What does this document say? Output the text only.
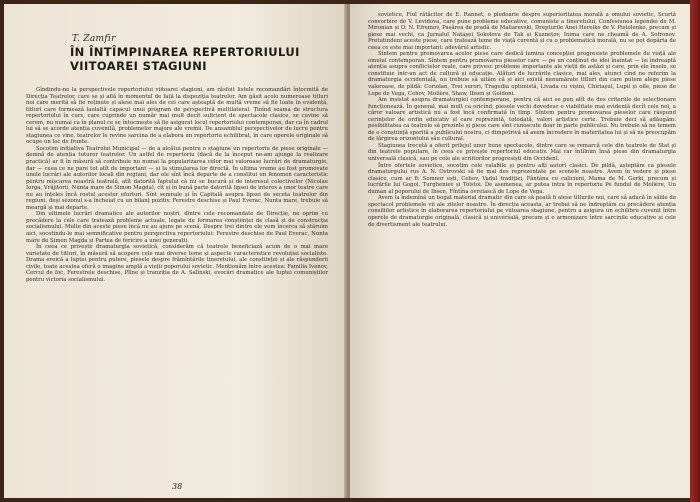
T. Zamfir
ÎN ÎNTÎMPINAREA REPERTORIULUI
VIITOAREI STAGIUNI

Gîndindu-ne la perspectivele repertoriului viitoarei stagiuni, am răsfoit listele recomandări întocmită de Direcția Teatrelor, care se și află în momentul de față la dispoziția teatrelor. Am găsit acolo numeroase titluri noi care merită să fie reținute și alese mai ales de cei care așteaptă de multă vreme să fie luate în evidență, titluri care formează laolaltă capacul unui program de perspectivă multilateral. Ținînd seama de structura repertoriului în curs, care cuprinde un număr mai mult decît suficient de spectacole clasice, se cuvine să cerem, nu numai ca în planul ce se întocmește să fie asigurat locul repertoriului contemporan, dar ca în cadrul lui să se acorde atenția cuvenită, problemelor majore ale vremii. De ansamblul perspectivelor de lucru pentru stagiunea ce vine, teatrelor le revine sarcina de a elabora un repertoriu echilibrat, în care operele originale să ocupe un loc de frunte.

Socotim inițiativa Teatrului Municipal — de a alcătui pentru o stagiune un repertoriu de piese originale — demnă de atenția tuturor teatrelor. Un astfel de repertoriu (dacă de la început ne-am ajunge la realizare practică) ar fi în măsură să contribuie nu numai la popularizarea celor mai valoroase lucrări de dramaturgie, dar — ceea ce ne pare tot atît de important — și la stimularea lor directă. În ultima vreme au fost promovate unele lucrări ale autorilor locali din regiuni, dar ele sînt încă departe de a constitui un fenomen caracteristic pentru mișcarea noastră teatrală, atît datorită faptului că nu se bucură și de interesul colectivelor (Nicolae Iorga, Vrăjitorii, Nunta mare de Simon Magda), cît și în bună parte datorită lipsei de interes a unor teatre care nu au înțeles încă rostul acestor eforturi. Sînt semnale și în Capitală asupra lipsei de seceta teatrelor din regiuni, deși sezonul s-a încheiat cu un bilanț pozitiv. Ferestre deschise și Paul Everac, Nunta mare, trebuie să meargă și mai departe.

Din ultimele lucrări dramatice ale autorilor noștri, dintre cele recomandate de Direcție, ne oprim cu precădere la cele care tratează probleme actuale, legate de formarea conștiinței de clasă și de construcția socialismului. Multe din aceste piese încă nu au ajuns pe scenă. Despre trei dintre ele vom încerca să stăruim aici, socotindu-le mai semnificative pentru perspectiva repertoriului: Ferestre deschise de Paul Everac, Nunta mare de Simon Magda și Partea de fericire a unei generații.

În ceea ce privește dramaturgia sovietică, considerăm că teatrele beneficiază acum de o mai mare varietate de titluri, în măsură să acopere cele mai diverse teme și aspecte caracteristice revoluției socialiste. Drama eroică a luptei pentru putere, piesele despre frămîntările tineretului, ale conștiinței și ale răspunderii civile, toate acestea oferă o imagine amplă a vieții poporului sovietic. Menționăm între acestea: Familia Ivanov, Cercul de foc, Ferestrele deschise, Pline și tranziția de A. Salînski, evocări dramatice ale luptei comuniștilor pentru victoria socialismului.

38

sovietice, Fiul rătăcitor de E. Rannet, o pledoarie despre superioritatea morală a omului sovietic, Scurtă convorbire de V. Levidova, care pune probleme educative, comuniste a tineretului, Confesiunea legendei de M. Mironian și O. N. Efremov, Pasărea de pradă de Maliarevski, Drepturile Anei Hereike de V. Pistolenko, precum și piese mai vechi, ca Jurnalul Natașei Sokolova de Tak și Kuznețov, Inima care ne cheamă de A. Sofronov. Pretutindeni aceste piese, care tratează teme de viață curentă și cu o problematică morală, nu se pot depărta de ceea ce este mai important: adevărul artistic.

Sîntem pentru promovarea acelor piese care dedică lumina concepției progresiste problemele de viață ale omului contemporan. Sîntem pentru promovarea pieselor care — pe un conținut de idei înaintat — își îndreaptă atenția asupra conflictelor reale, care privesc probleme importante ale vieții de astăzi și care, prin ele însele, se constituie într-un act de cultură și educație. Alături de lucrările clasice, mai ales, atunci cînd ne referim la dramaturgia occidentală, nu trebuie să uităm că și aici există nenumărate titluri din care putem alege piese valoroase, de pildă: Coriolan, Trei surori, Tragedia optimistă, Livada cu vișini, Chiriașul, Lupii și oile, piese de Lope de Vega, Cehov, Molière, Shaw, Ibsen și Goldoni.

Am insistat asupra dramaturgiei contemporane, pentru că aici se pun atît de des criteriile de selecționare funcționează. În general, mai mult ca oricînd, piesele vechi dovedesc o viabilitate mai evidentă decît cele noi, a căror valoare artistică nu a fost încă confirmată în timp. Sîntem pentru promovarea pieselor care răspund cerințelor de ordin educativ și care reprezintă, totodată, valori artistice certe. Trebuie deci să adăugăm: posibilitatea ca teatrele să prezinte și piese care sînt cunoscute doar în parte publicului. Nu trebuie să ne temem de o conștiință sporită a publicului nostru, ci dimpotrivă să avem încredere în maturitatea lui și să ne preocupăm de lărgirea orizontului său cultural.

Stagiunea trecută a oferit prilejul unor bune spectacole, dintre care se remarcă cele din teatrele de Stat și din teatrele populare, în ceea ce privește repertoriul educativ. Mai rar întîlnim însă piese din dramaturgia universală clasică, sau pe cele ale scriitorilor progresiști din Occident.

Între ofertele sovietice, socotim cele valabile și pentru alți autori clasici. De pildă, așteptăm ca piesele dramaturgului rus A. N. Ostrovski să fie mai des reprezentate pe scenele noastre. Avem în vedere și piese clasice, cum ar fi: Somnor ești, Cehov, Vadul tradiției, Fântâna cu caliciuni, Mama de M. Gorki, precum și lucrările lui Gogol, Turgheniev și Tolstoi. De asemenea, ar putea intra în repertoriu Pe fundul de Molière, Un duman al poporului de Ibsen, Fîntîna ovreiască de Lope de Vega.

Avem la îndemînă un bogat material dramatic din care să poată fi alese titlurile noi, care să aducă în sălile de spectacol problemele vii ale zilelor noastre. În direcția aceasta, ar trebui să ne îndreptăm cu precădere atenția consiliilor artistice în elaborarea repertoriului pe viitoarea stagiune, pentru a asigura un echilibru cuvenit între operele de dramaturgie originală, clasică și universală, precum și o armonizare între sarcinile educative și cele de divertisment ale teatrului.
